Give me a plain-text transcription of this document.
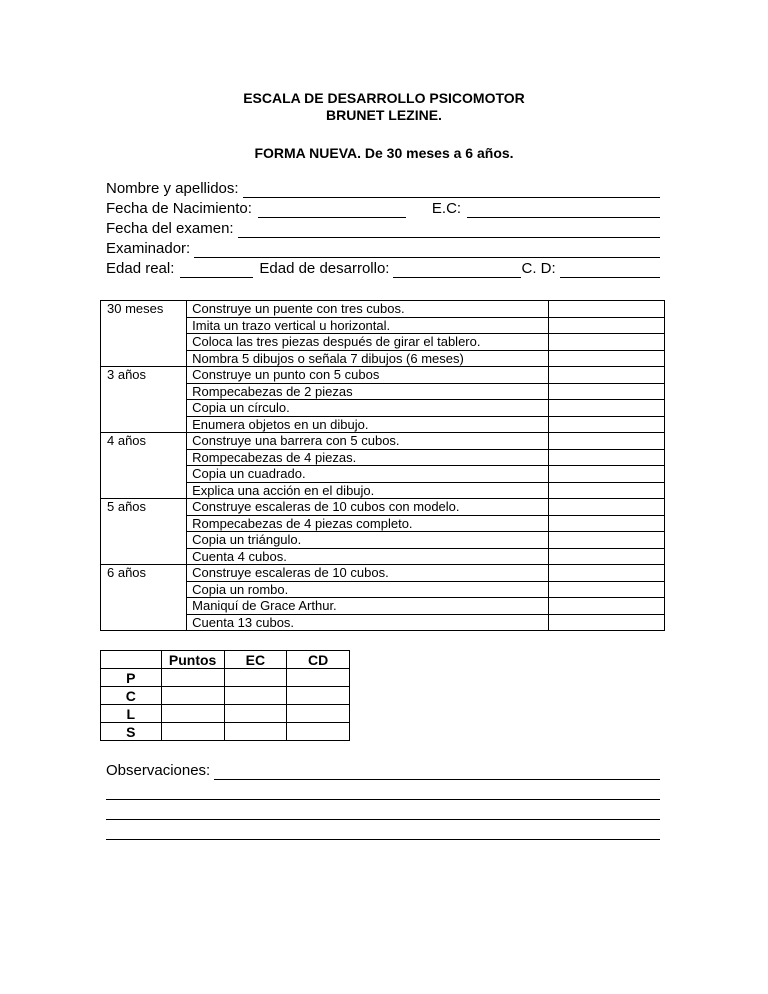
ESCALA DE DESARROLLO PSICOMOTOR
BRUNET LEZINE.
FORMA NUEVA. De 30 meses a 6 años.
Nombre y apellidos:
Fecha de Nacimiento:	E.C:
Fecha del examen:
Examinador:
Edad real:	Edad de desarrollo:	C. D:
30 meses	Construye un puente con tres cubos.	
	Imita un trazo vertical u horizontal.	
	Coloca las tres piezas después de girar el tablero.	
	Nombra 5 dibujos o señala 7 dibujos (6 meses)	
3 años	Construye un punto con 5 cubos	
	Rompecabezas de 2 piezas	
	Copia un círculo.	
	Enumera objetos en un dibujo.	
4 años	Construye una barrera con 5 cubos.	
	Rompecabezas de 4 piezas.	
	Copia un cuadrado.	
	Explica una acción en el dibujo.	
5 años	Construye escaleras de 10 cubos con modelo.	
	Rompecabezas de 4 piezas completo.	
	Copia un triángulo.	
	Cuenta 4 cubos.	
6 años	Construye escaleras de 10 cubos.	
	Copia un rombo.	
	Maniquí de Grace Arthur.	
	Cuenta 13 cubos.	
	Puntos	EC	CD
P			
C			
L			
S			
Observaciones:
